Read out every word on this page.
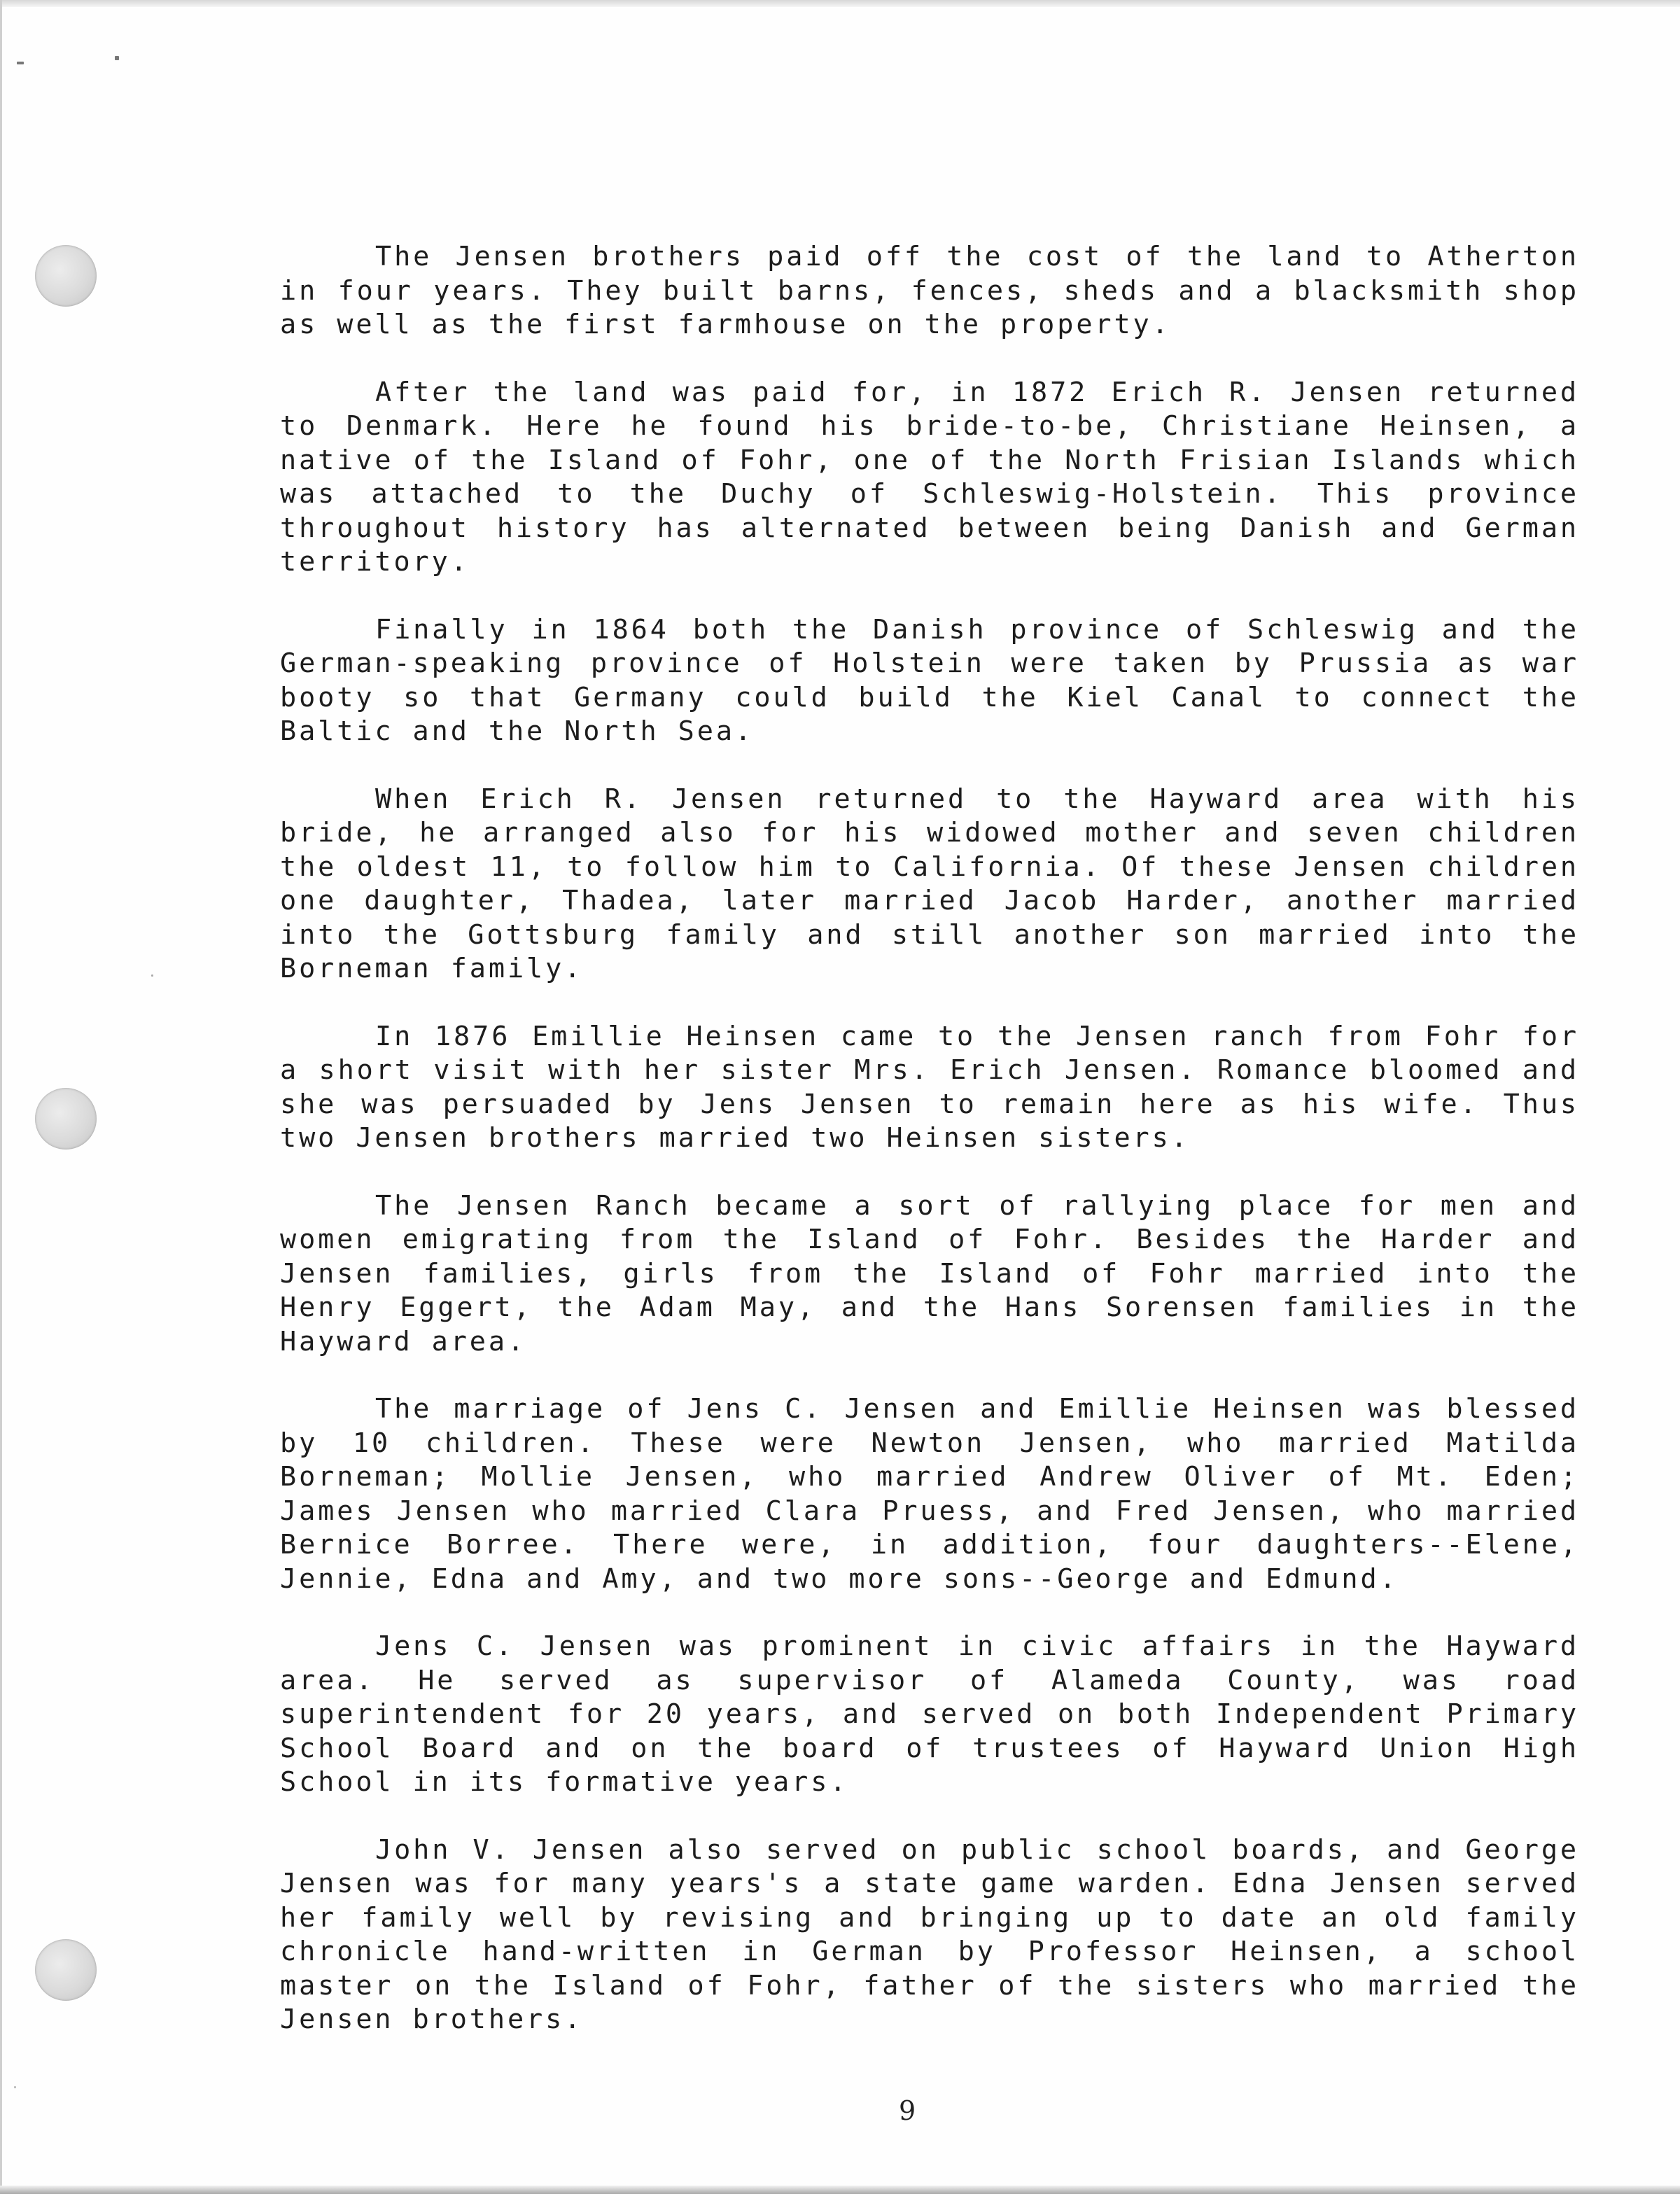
The Jensen brothers paid off the cost of the land to Atherton in four years. They built barns, fences, sheds and a blacksmith shop as well as the first farmhouse on the property.

After the land was paid for, in 1872 Erich R. Jensen returned to Denmark. Here he found his bride-to-be, Christiane Heinsen, a native of the Island of Fohr, one of the North Frisian Islands which was attached to the Duchy of Schleswig-Holstein. This province throughout history has alternated between being Danish and German territory.

Finally in 1864 both the Danish province of Schleswig and the German-speaking province of Holstein were taken by Prussia as war booty so that Germany could build the Kiel Canal to connect the Baltic and the North Sea.

When Erich R. Jensen returned to the Hayward area with his bride, he arranged also for his widowed mother and seven children the oldest 11, to follow him to California. Of these Jensen children one daughter, Thadea, later married Jacob Harder, another married into the Gottsburg family and still another son married into the Borneman family.

In 1876 Emillie Heinsen came to the Jensen ranch from Fohr for a short visit with her sister Mrs. Erich Jensen. Romance bloomed and she was persuaded by Jens Jensen to remain here as his wife. Thus two Jensen brothers married two Heinsen sisters.

The Jensen Ranch became a sort of rallying place for men and women emigrating from the Island of Fohr. Besides the Harder and Jensen families, girls from the Island of Fohr married into the Henry Eggert, the Adam May, and the Hans Sorensen families in the Hayward area.

The marriage of Jens C. Jensen and Emillie Heinsen was blessed by 10 children. These were Newton Jensen, who married Matilda Borneman; Mollie Jensen, who married Andrew Oliver of Mt. Eden; James Jensen who married Clara Pruess, and Fred Jensen, who married Bernice Borree. There were, in addition, four daughters--Elene, Jennie, Edna and Amy, and two more sons--George and Edmund.

Jens C. Jensen was prominent in civic affairs in the Hayward area. He served as supervisor of Alameda County, was road superintendent for 20 years, and served on both Independent Primary School Board and on the board of trustees of Hayward Union High School in its formative years.

John V. Jensen also served on public school boards, and George Jensen was for many years's a state game warden. Edna Jensen served her family well by revising and bringing up to date an old family chronicle hand-written in German by Professor Heinsen, a school master on the Island of Fohr, father of the sisters who married the Jensen brothers.

9
